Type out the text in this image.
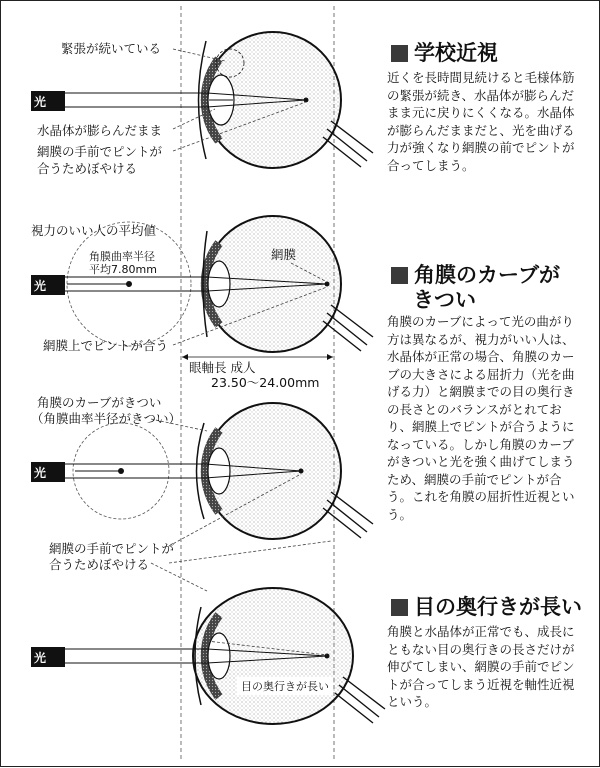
光
光
光
光
緊張が続いている
水晶体が膨らんだまま
網膜の手前でピントが
合うためぼやける
視力のいい人の平均値
角膜曲率半径
平均7.80mm
網膜
網膜上でピントが合う
眼軸長 成人
23.50～24.00mm
角膜のカーブがきつい
（角膜曲率半径がきつい）
網膜の手前でピントが
合うためぼやける
目の奥行きが長い
学校近視
近くを長時間見続けると毛様体筋の緊張が続き、水晶体が膨らんだまま元に戻りにくくなる。水晶体が膨らんだままだと、光を曲げる力が強くなり網膜の前でピントが合ってしまう。
角膜のカーブが
きつい
角膜のカーブによって光の曲がり方は異なるが、視力がいい人は、水晶体が正常の場合、角膜のカーブの大きさによる屈折力（光を曲げる力）と網膜までの目の奥行きの長さとのバランスがとれており、網膜上でピントが合うようになっている。しかし角膜のカーブがきついと光を強く曲げてしまうため、網膜の手前でピントが合う。これを角膜の屈折性近視という。
目の奥行きが長い
角膜と水晶体が正常でも、成長にともない目の奥行きの長さだけが伸びてしまい、網膜の手前でピントが合ってしまう近視を軸性近視という。
